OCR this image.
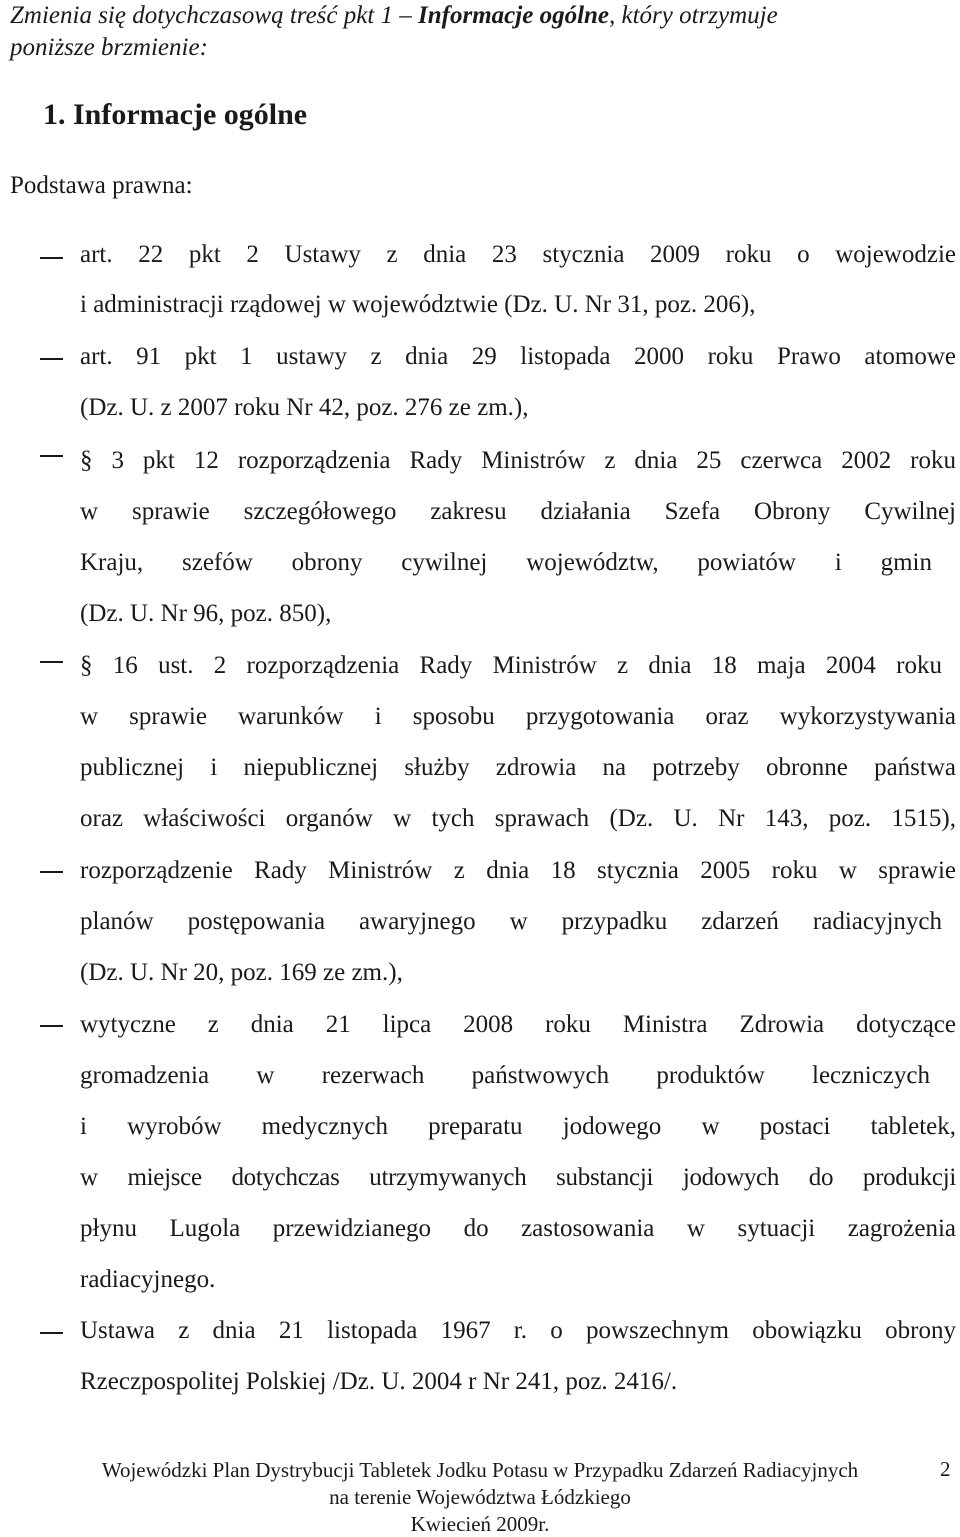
Zmienia się dotychczasową treść pkt 1 – Informacje ogólne, który otrzymuje
poniższe brzmienie:
1. Informacje ogólne
Podstawa prawna:
art. 22 pkt 2 Ustawy z dnia 23 stycznia 2009 roku o wojewodzie
i administracji rządowej w województwie (Dz. U. Nr 31, poz. 206),
art. 91 pkt 1 ustawy z dnia 29 listopada 2000 roku Prawo atomowe
(Dz. U. z 2007 roku Nr 42, poz. 276 ze zm.),
§ 3 pkt 12 rozporządzenia Rady Ministrów z dnia 25 czerwca 2002 roku
w sprawie szczegółowego zakresu działania Szefa Obrony Cywilnej
Kraju, szefów obrony cywilnej województw, powiatów i gmin
(Dz. U. Nr 96, poz. 850),
§ 16 ust. 2 rozporządzenia Rady Ministrów z dnia 18 maja 2004 roku
w sprawie warunków i sposobu przygotowania oraz wykorzystywania
publicznej i niepublicznej służby zdrowia na potrzeby obronne państwa
oraz właściwości organów w tych sprawach (Dz. U. Nr 143, poz. 1515),
rozporządzenie Rady Ministrów z dnia 18 stycznia 2005 roku w sprawie
planów postępowania awaryjnego w przypadku zdarzeń radiacyjnych
(Dz. U. Nr 20, poz. 169 ze zm.),
wytyczne z dnia 21 lipca 2008 roku Ministra Zdrowia dotyczące
gromadzenia w rezerwach państwowych produktów leczniczych
i wyrobów medycznych preparatu jodowego w postaci tabletek,
w miejsce dotychczas utrzymywanych substancji jodowych do produkcji
płynu Lugola przewidzianego do zastosowania w sytuacji zagrożenia
radiacyjnego.
Ustawa z dnia 21 listopada 1967 r. o powszechnym obowiązku obrony
Rzeczpospolitej Polskiej /Dz. U. 2004 r Nr 241, poz. 2416/.
Wojewódzki Plan Dystrybucji Tabletek Jodku Potasu w Przypadku Zdarzeń Radiacyjnych
na terenie Województwa Łódzkiego
Kwiecień 2009r.
2
